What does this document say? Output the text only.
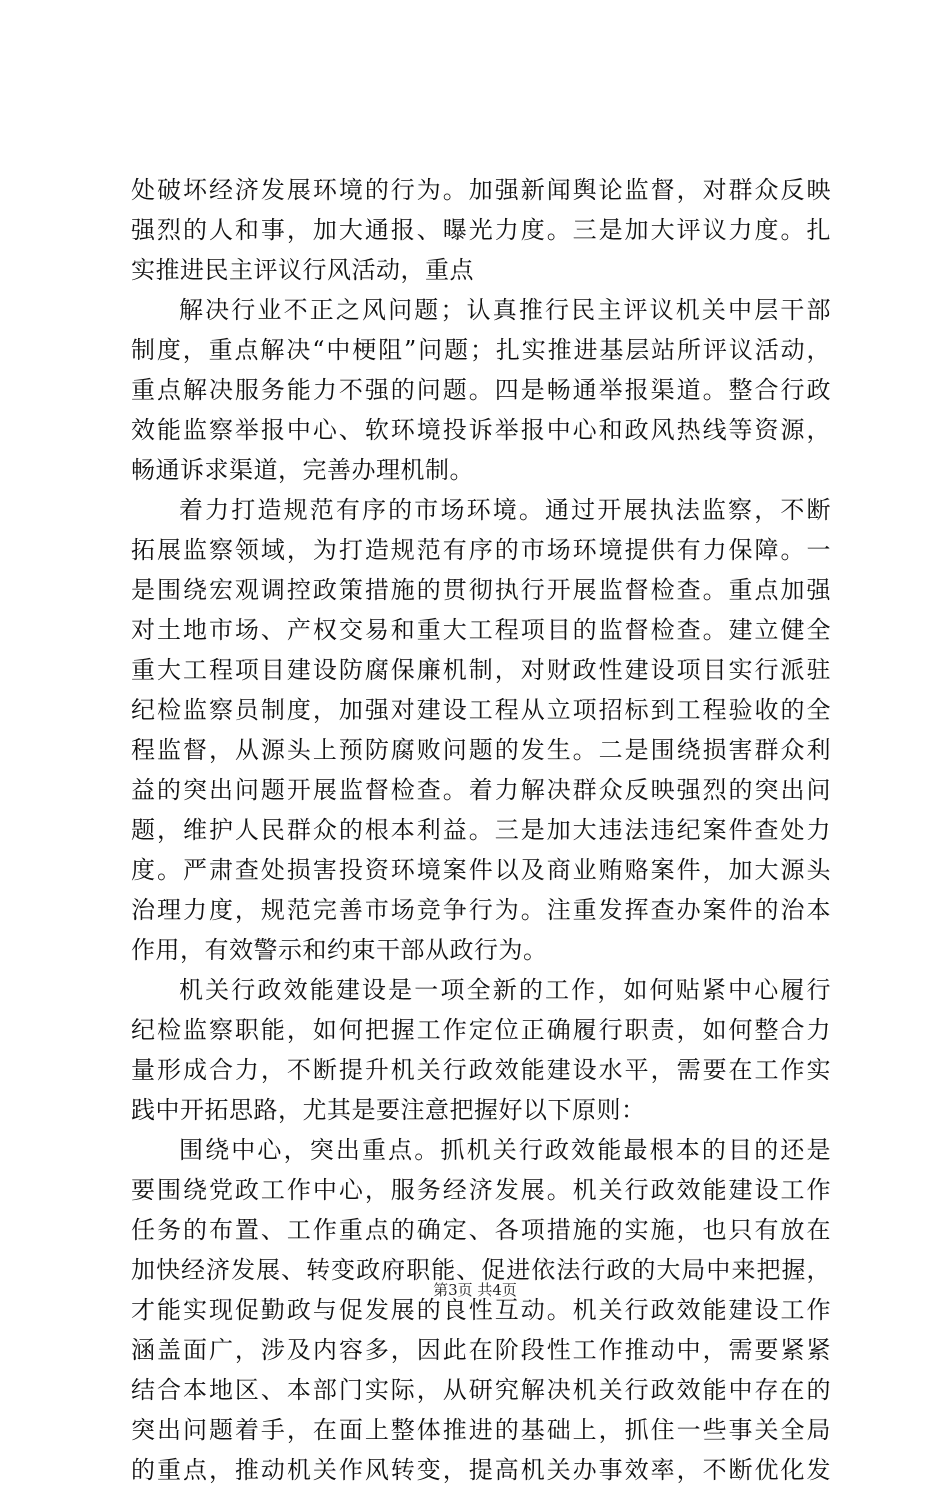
处破坏经济发展环境的行为。加强新闻舆论监督，对群众反映
强烈的人和事，加大通报、曝光力度。三是加大评议力度。扎
实推进民主评议行风活动，重点
解决行业不正之风问题；认真推行民主评议机关中层干部
制度，重点解决“中梗阻”问题；扎实推进基层站所评议活动，
重点解决服务能力不强的问题。四是畅通举报渠道。整合行政
效能监察举报中心、软环境投诉举报中心和政风热线等资源，
畅通诉求渠道，完善办理机制。
着力打造规范有序的市场环境。通过开展执法监察，不断
拓展监察领域，为打造规范有序的市场环境提供有力保障。一
是围绕宏观调控政策措施的贯彻执行开展监督检查。重点加强
对土地市场、产权交易和重大工程项目的监督检查。建立健全
重大工程项目建设防腐保廉机制，对财政性建设项目实行派驻
纪检监察员制度，加强对建设工程从立项招标到工程验收的全
程监督，从源头上预防腐败问题的发生。二是围绕损害群众利
益的突出问题开展监督检查。着力解决群众反映强烈的突出问
题，维护人民群众的根本利益。三是加大违法违纪案件查处力
度。严肃查处损害投资环境案件以及商业贿赂案件，加大源头
治理力度，规范完善市场竞争行为。注重发挥查办案件的治本
作用，有效警示和约束干部从政行为。
机关行政效能建设是一项全新的工作，如何贴紧中心履行
纪检监察职能，如何把握工作定位正确履行职责，如何整合力
量形成合力，不断提升机关行政效能建设水平，需要在工作实
践中开拓思路，尤其是要注意把握好以下原则：
围绕中心，突出重点。抓机关行政效能最根本的目的还是
要围绕党政工作中心，服务经济发展。机关行政效能建设工作
任务的布置、工作重点的确定、各项措施的实施，也只有放在
加快经济发展、转变政府职能、促进依法行政的大局中来把握，
才能实现促勤政与促发展的良性互动。机关行政效能建设工作
涵盖面广，涉及内容多，因此在阶段性工作推动中，需要紧紧
结合本地区、本部门实际，从研究解决机关行政效能中存在的
突出问题着手，在面上整体推进的基础上，抓住一些事关全局
的重点，推动机关作风转变，提高机关办事效率，不断优化发
第3页 共4页
